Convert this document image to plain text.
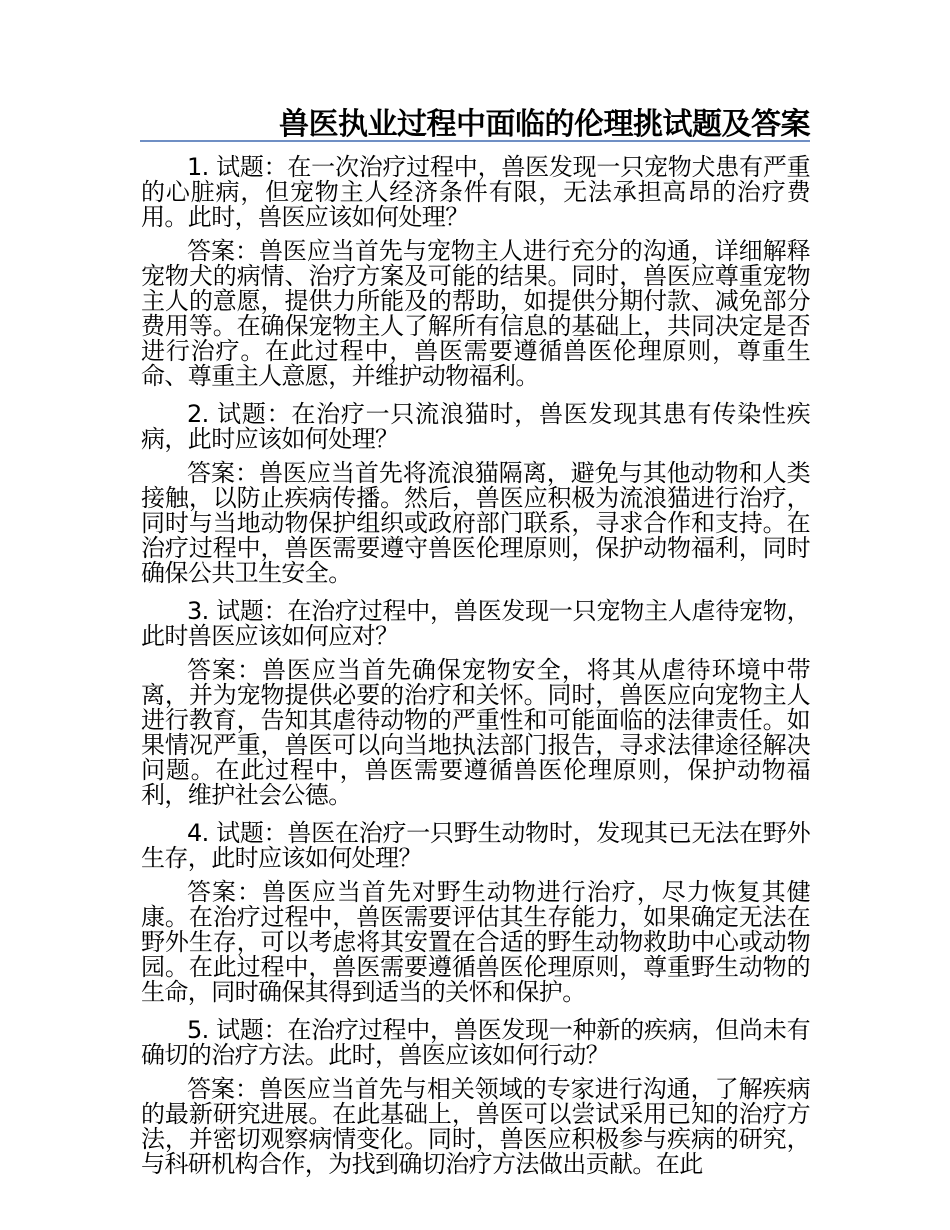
兽医执业过程中面临的伦理挑试题及答案

1. 试题：在一次治疗过程中，兽医发现一只宠物犬患有严重的心脏病，但宠物主人经济条件有限，无法承担高昂的治疗费用。此时，兽医应该如何处理？

答案：兽医应当首先与宠物主人进行充分的沟通，详细解释宠物犬的病情、治疗方案及可能的结果。同时，兽医应尊重宠物主人的意愿，提供力所能及的帮助，如提供分期付款、减免部分费用等。在确保宠物主人了解所有信息的基础上，共同决定是否进行治疗。在此过程中，兽医需要遵循兽医伦理原则，尊重生命、尊重主人意愿，并维护动物福利。

2. 试题：在治疗一只流浪猫时，兽医发现其患有传染性疾病，此时应该如何处理？

答案：兽医应当首先将流浪猫隔离，避免与其他动物和人类接触，以防止疾病传播。然后，兽医应积极为流浪猫进行治疗，同时与当地动物保护组织或政府部门联系，寻求合作和支持。在治疗过程中，兽医需要遵守兽医伦理原则，保护动物福利，同时确保公共卫生安全。

3. 试题：在治疗过程中，兽医发现一只宠物主人虐待宠物，此时兽医应该如何应对？

答案：兽医应当首先确保宠物安全，将其从虐待环境中带离，并为宠物提供必要的治疗和关怀。同时，兽医应向宠物主人进行教育，告知其虐待动物的严重性和可能面临的法律责任。如果情况严重，兽医可以向当地执法部门报告，寻求法律途径解决问题。在此过程中，兽医需要遵循兽医伦理原则，保护动物福利，维护社会公德。

4. 试题：兽医在治疗一只野生动物时，发现其已无法在野外生存，此时应该如何处理？

答案：兽医应当首先对野生动物进行治疗，尽力恢复其健康。在治疗过程中，兽医需要评估其生存能力，如果确定无法在野外生存，可以考虑将其安置在合适的野生动物救助中心或动物园。在此过程中，兽医需要遵循兽医伦理原则，尊重野生动物的生命，同时确保其得到适当的关怀和保护。

5. 试题：在治疗过程中，兽医发现一种新的疾病，但尚未有确切的治疗方法。此时，兽医应该如何行动？

答案：兽医应当首先与相关领域的专家进行沟通，了解疾病的最新研究进展。在此基础上，兽医可以尝试采用已知的治疗方法，并密切观察病情变化。同时，兽医应积极参与疾病的研究，与科研机构合作，为找到确切治疗方法做出贡献。在此
